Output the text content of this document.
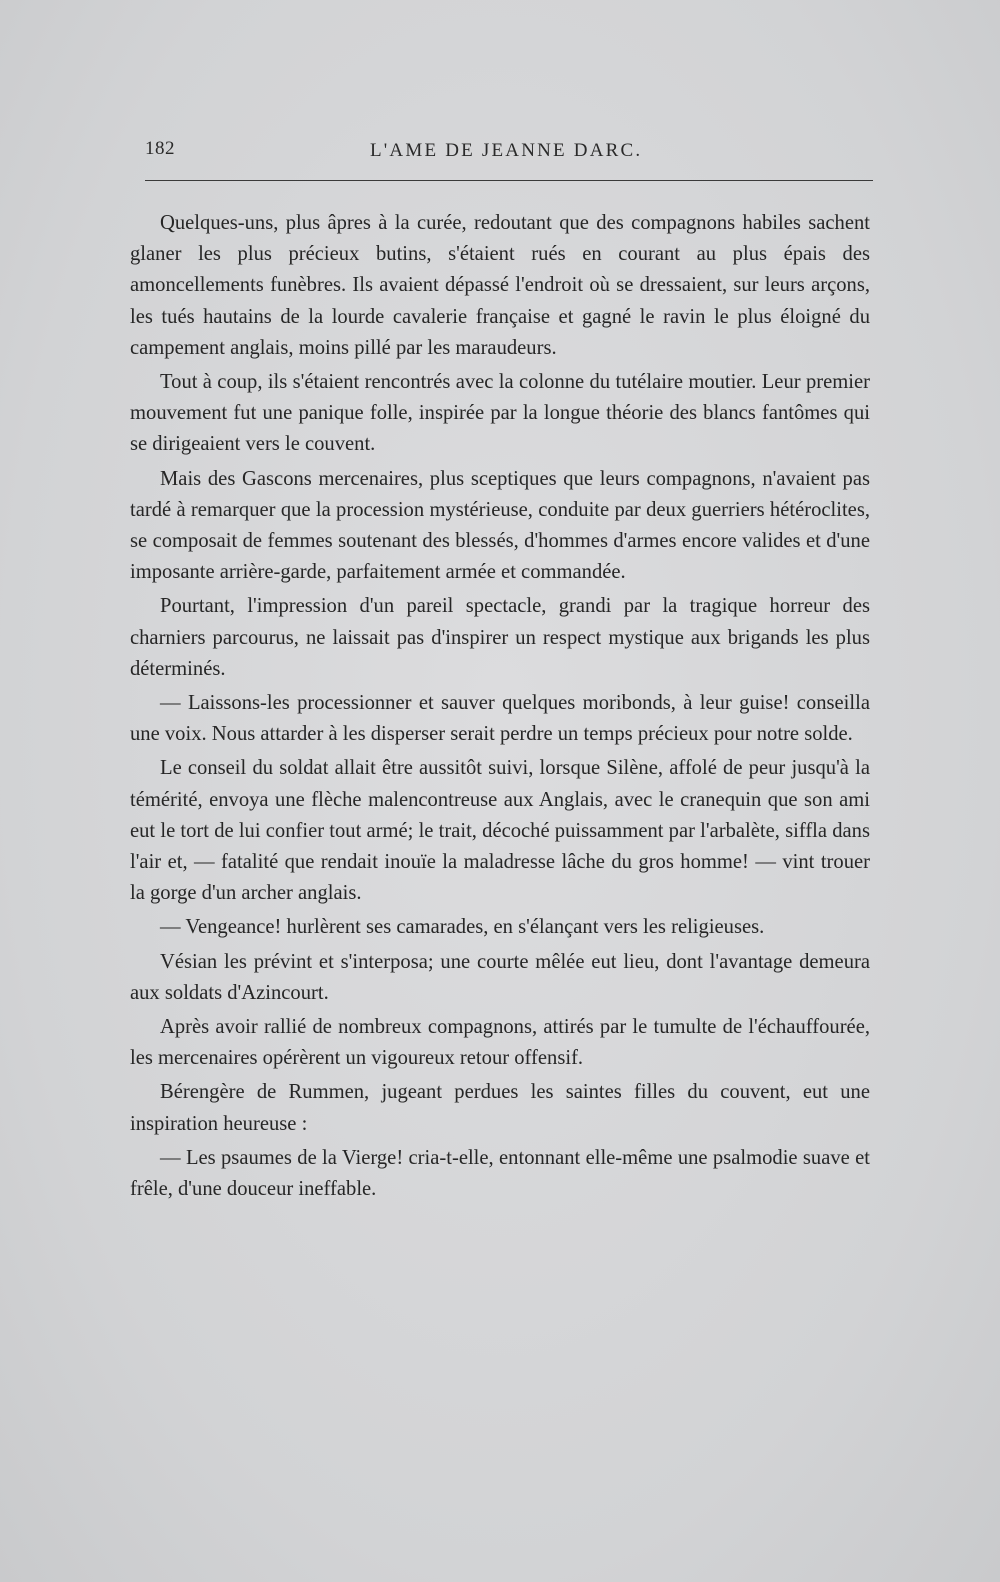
182	L'AME DE JEANNE DARC.

Quelques-uns, plus âpres à la curée, redoutant que des compagnons habiles sachent glaner les plus précieux butins, s'étaient rués en courant au plus épais des amoncellements funèbres. Ils avaient dépassé l'endroit où se dressaient, sur leurs arçons, les tués hautains de la lourde cavalerie française et gagné le ravin le plus éloigné du campement anglais, moins pillé par les maraudeurs.

Tout à coup, ils s'étaient rencontrés avec la colonne du tutélaire moutier. Leur premier mouvement fut une panique folle, inspirée par la longue théorie des blancs fantômes qui se dirigeaient vers le couvent.

Mais des Gascons mercenaires, plus sceptiques que leurs compagnons, n'avaient pas tardé à remarquer que la procession mystérieuse, conduite par deux guerriers hétéroclites, se composait de femmes soutenant des blessés, d'hommes d'armes encore valides et d'une imposante arrière-garde, parfaitement armée et commandée.

Pourtant, l'impression d'un pareil spectacle, grandi par la tragique horreur des charniers parcourus, ne laissait pas d'inspirer un respect mystique aux brigands les plus déterminés.

— Laissons-les processionner et sauver quelques moribonds, à leur guise! conseilla une voix. Nous attarder à les disperser serait perdre un temps précieux pour notre solde.

Le conseil du soldat allait être aussitôt suivi, lorsque Silène, affolé de peur jusqu'à la témérité, envoya une flèche malencontreuse aux Anglais, avec le cranequin que son ami eut le tort de lui confier tout armé; le trait, décoché puissamment par l'arbalète, siffla dans l'air et, — fatalité que rendait inouïe la maladresse lâche du gros homme! — vint trouer la gorge d'un archer anglais.

— Vengeance! hurlèrent ses camarades, en s'élançant vers les religieuses.

Vésian les prévint et s'interposa; une courte mêlée eut lieu, dont l'avantage demeura aux soldats d'Azincourt.

Après avoir rallié de nombreux compagnons, attirés par le tumulte de l'échauffourée, les mercenaires opérèrent un vigoureux retour offensif.

Bérengère de Rummen, jugeant perdues les saintes filles du couvent, eut une inspiration heureuse :

— Les psaumes de la Vierge! cria-t-elle, entonnant elle-même une psalmodie suave et frêle, d'une douceur ineffable.
